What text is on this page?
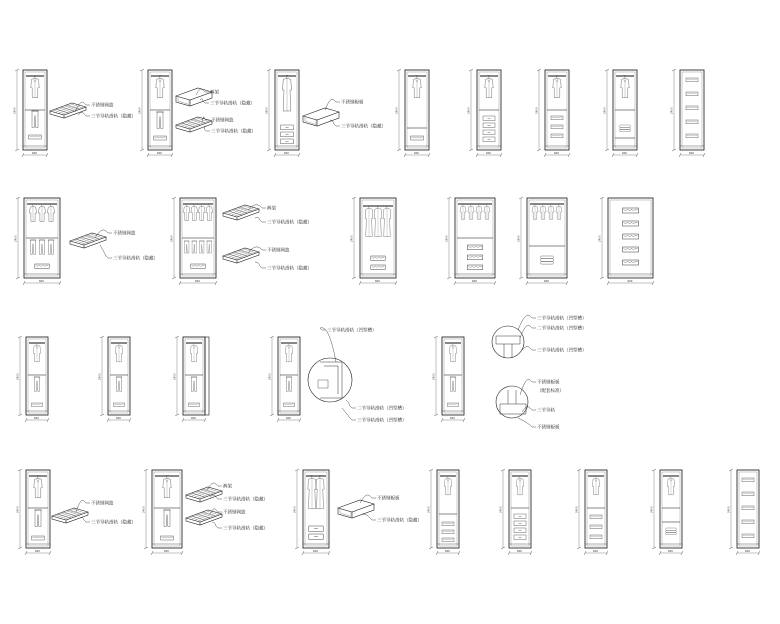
2400
600
2400
600
2400
600
2400
600
2400
600
2400
600
2400
600
2400
600
2400
600
2400
600
2400
600
2400
600
2400
600
2400
600
2400
600
2400
600
2400
600
2400
600
2400
600
2400
600
2400
600
2400
600
2400
600
2400
600
2400
600
2400
600
2400
600
不锈钢网篮
三节导轨滑轨（隐藏）
裤架
三节导轨滑轨（隐藏）
不锈钢网篮
三节导轨滑轨（隐藏）
不锈钢板板
三节导轨滑轨（隐藏）
不锈钢网篮
三节导轨滑轨（隐藏）
裤架
三节导轨滑轨（隐藏）
不锈钢网篮
三节导轨滑轨（隐藏）
三节导轨滑轨（凹型槽）
二节导轨滑轨（凹型槽）
三节导轨滑轨（凹型槽）
三节导轨滑轨（凹型槽）
二节导轨滑轨（凹型槽）
三节导轨滑轨（凹型槽）
不锈钢板板
（配套标准）
三节导轨
不锈钢板板
不锈钢网篮
三节导轨滑轨（隐藏）
裤架
三节导轨滑轨（隐藏）
不锈钢网篮
三节导轨滑轨（隐藏）
不锈钢板板
三节导轨滑轨（隐藏）
